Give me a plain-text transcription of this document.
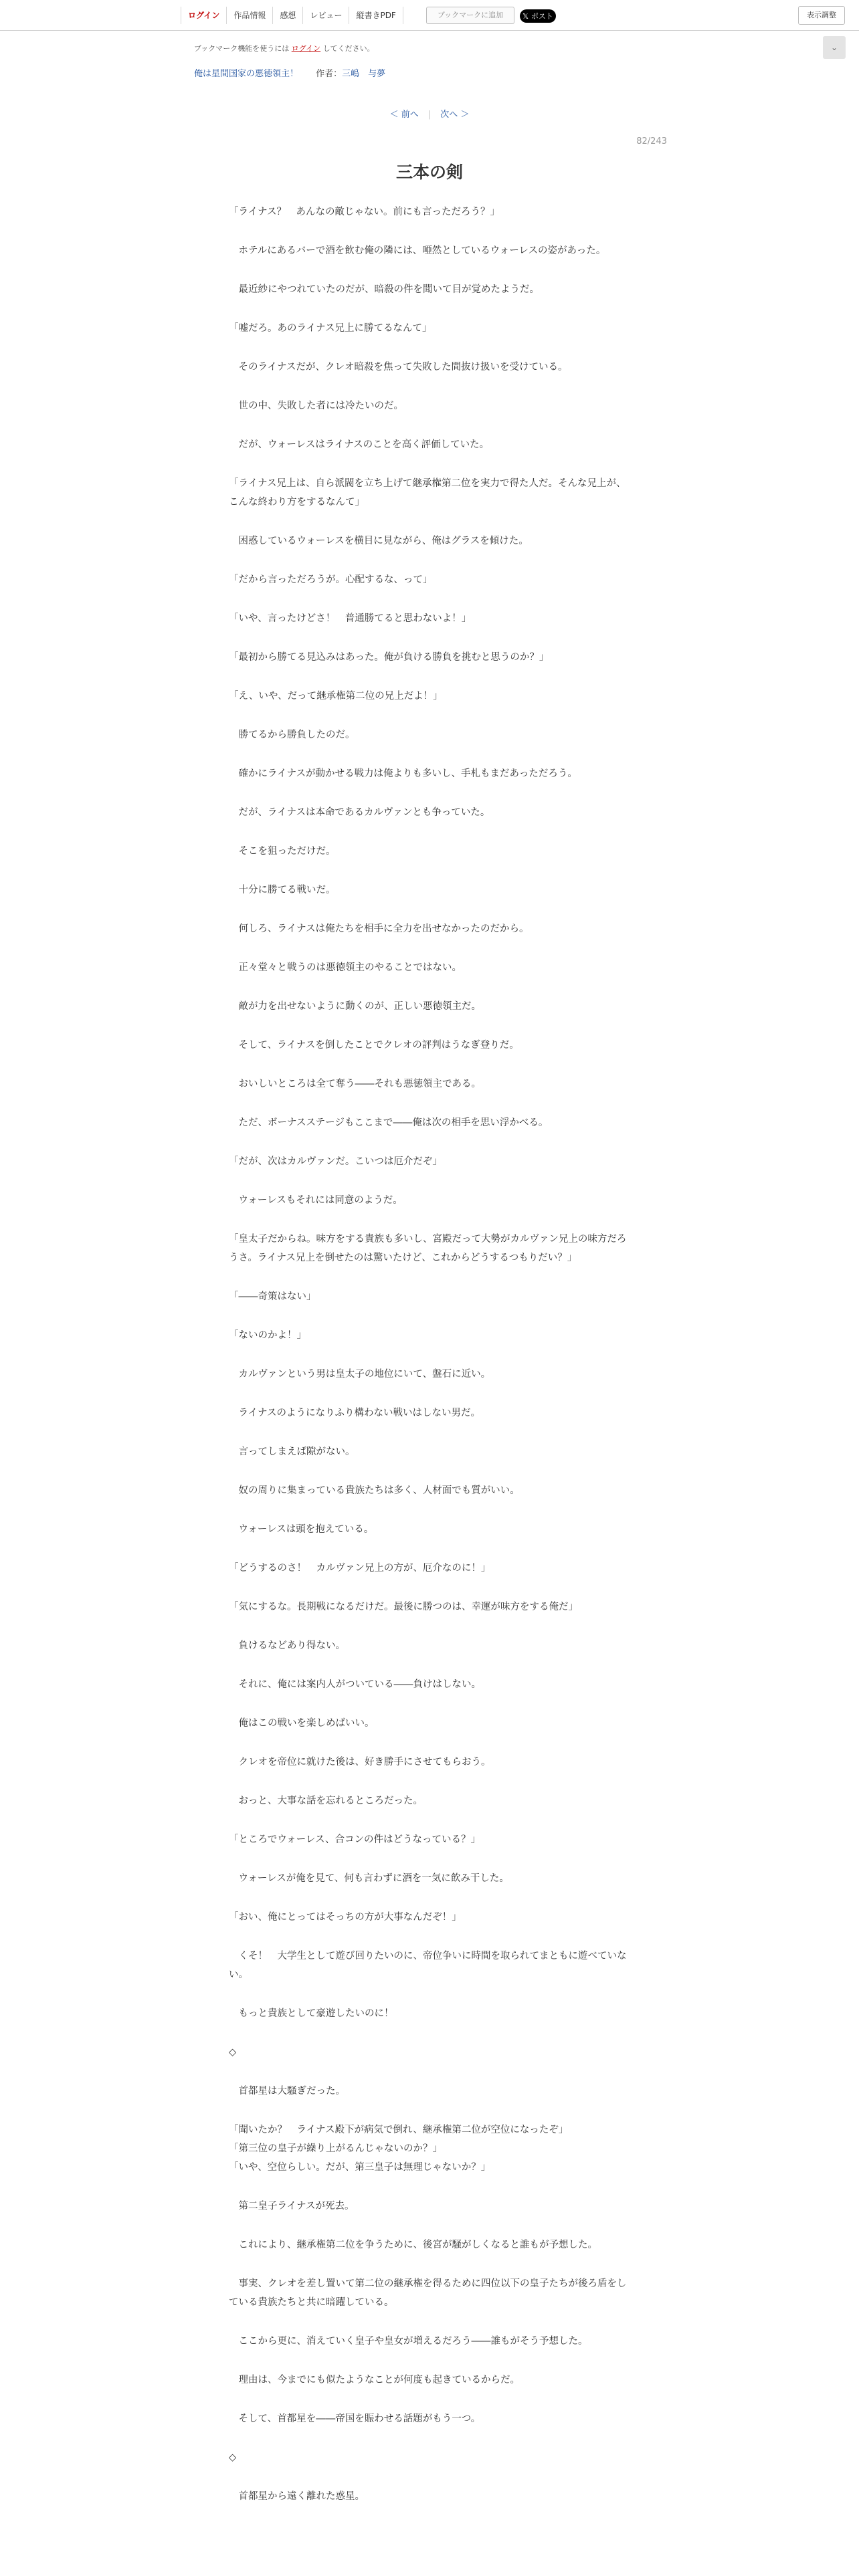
ログイン	作品情報	感想	レビュー	縦書きPDF	ブックマークに追加	𝕏 ポスト	表示調整
ブックマーク機能を使うには ログイン してください。	⌄
俺は星間国家の悪徳領主！ 作者：三嶋　与夢
＜ 前へ | 次へ ＞
82/243
三本の剣

「ライナス？　あんなの敵じゃない。前にも言っただろう？」

　ホテルにあるバーで酒を飲む俺の隣には、唖然としているウォーレスの姿があった。

　最近紗にやつれていたのだが、暗殺の件を聞いて目が覚めたようだ。

「嘘だろ。あのライナス兄上に勝てるなんて」

　そのライナスだが、クレオ暗殺を焦って失敗した間抜け扱いを受けている。

　世の中、失敗した者には冷たいのだ。

　だが、ウォーレスはライナスのことを高く評価していた。

「ライナス兄上は、自ら派閥を立ち上げて継承権第二位を実力で得た人だ。そんな兄上が、こんな終わり方をするなんて」

　困惑しているウォーレスを横目に見ながら、俺はグラスを傾けた。

「だから言っただろうが。心配するな、って」

「いや、言ったけどさ！　普通勝てると思わないよ！」

「最初から勝てる見込みはあった。俺が負ける勝負を挑むと思うのか？」

「え、いや、だって継承権第二位の兄上だよ！」

　勝てるから勝負したのだ。

　確かにライナスが動かせる戦力は俺よりも多いし、手札もまだあっただろう。

　だが、ライナスは本命であるカルヴァンとも争っていた。

　そこを狙っただけだ。

　十分に勝てる戦いだ。

　何しろ、ライナスは俺たちを相手に全力を出せなかったのだから。

　正々堂々と戦うのは悪徳領主のやることではない。

　敵が力を出せないように動くのが、正しい悪徳領主だ。

　そして、ライナスを倒したことでクレオの評判はうなぎ登りだ。

　おいしいところは全て奪う――それも悪徳領主である。

　ただ、ボーナスステージもここまで――俺は次の相手を思い浮かべる。

「だが、次はカルヴァンだ。こいつは厄介だぞ」

　ウォーレスもそれには同意のようだ。

「皇太子だからね。味方をする貴族も多いし、宮殿だって大勢がカルヴァン兄上の味方だろうさ。ライナス兄上を倒せたのは驚いたけど、これからどうするつもりだい？」

「――奇策はない」

「ないのかよ！」

　カルヴァンという男は皇太子の地位にいて、盤石に近い。

　ライナスのようになりふり構わない戦いはしない男だ。

　言ってしまえば隙がない。

　奴の周りに集まっている貴族たちは多く、人材面でも質がいい。

　ウォーレスは頭を抱えている。

「どうするのさ！　カルヴァン兄上の方が、厄介なのに！」

「気にするな。長期戦になるだけだ。最後に勝つのは、幸運が味方をする俺だ」

　負けるなどあり得ない。

　それに、俺には案内人がついている――負けはしない。

　俺はこの戦いを楽しめばいい。

　クレオを帝位に就けた後は、好き勝手にさせてもらおう。

　おっと、大事な話を忘れるところだった。

「ところでウォーレス、合コンの件はどうなっている？」

　ウォーレスが俺を見て、何も言わずに酒を一気に飲み干した。

「おい、俺にとってはそっちの方が大事なんだぞ！」

　くそ！　大学生として遊び回りたいのに、帝位争いに時間を取られてまともに遊べていない。

　もっと貴族として豪遊したいのに！

◇

　首都星は大騒ぎだった。

「聞いたか？　ライナス殿下が病気で倒れ、継承権第二位が空位になったぞ」

「第三位の皇子が繰り上がるんじゃないのか？」

「いや、空位らしい。だが、第三皇子は無理じゃないか？」

　第二皇子ライナスが死去。

　これにより、継承権第二位を争うために、後宮が騒がしくなると誰もが予想した。

　事実、クレオを差し置いて第二位の継承権を得るために四位以下の皇子たちが後ろ盾をしている貴族たちと共に暗躍している。

　ここから更に、消えていく皇子や皇女が増えるだろう――誰もがそう予想した。

　理由は、今までにも似たようなことが何度も起きているからだ。

　そして、首都星を――帝国を賑わせる話題がもう一つ。

◇

　首都星から遠く離れた惑星。
